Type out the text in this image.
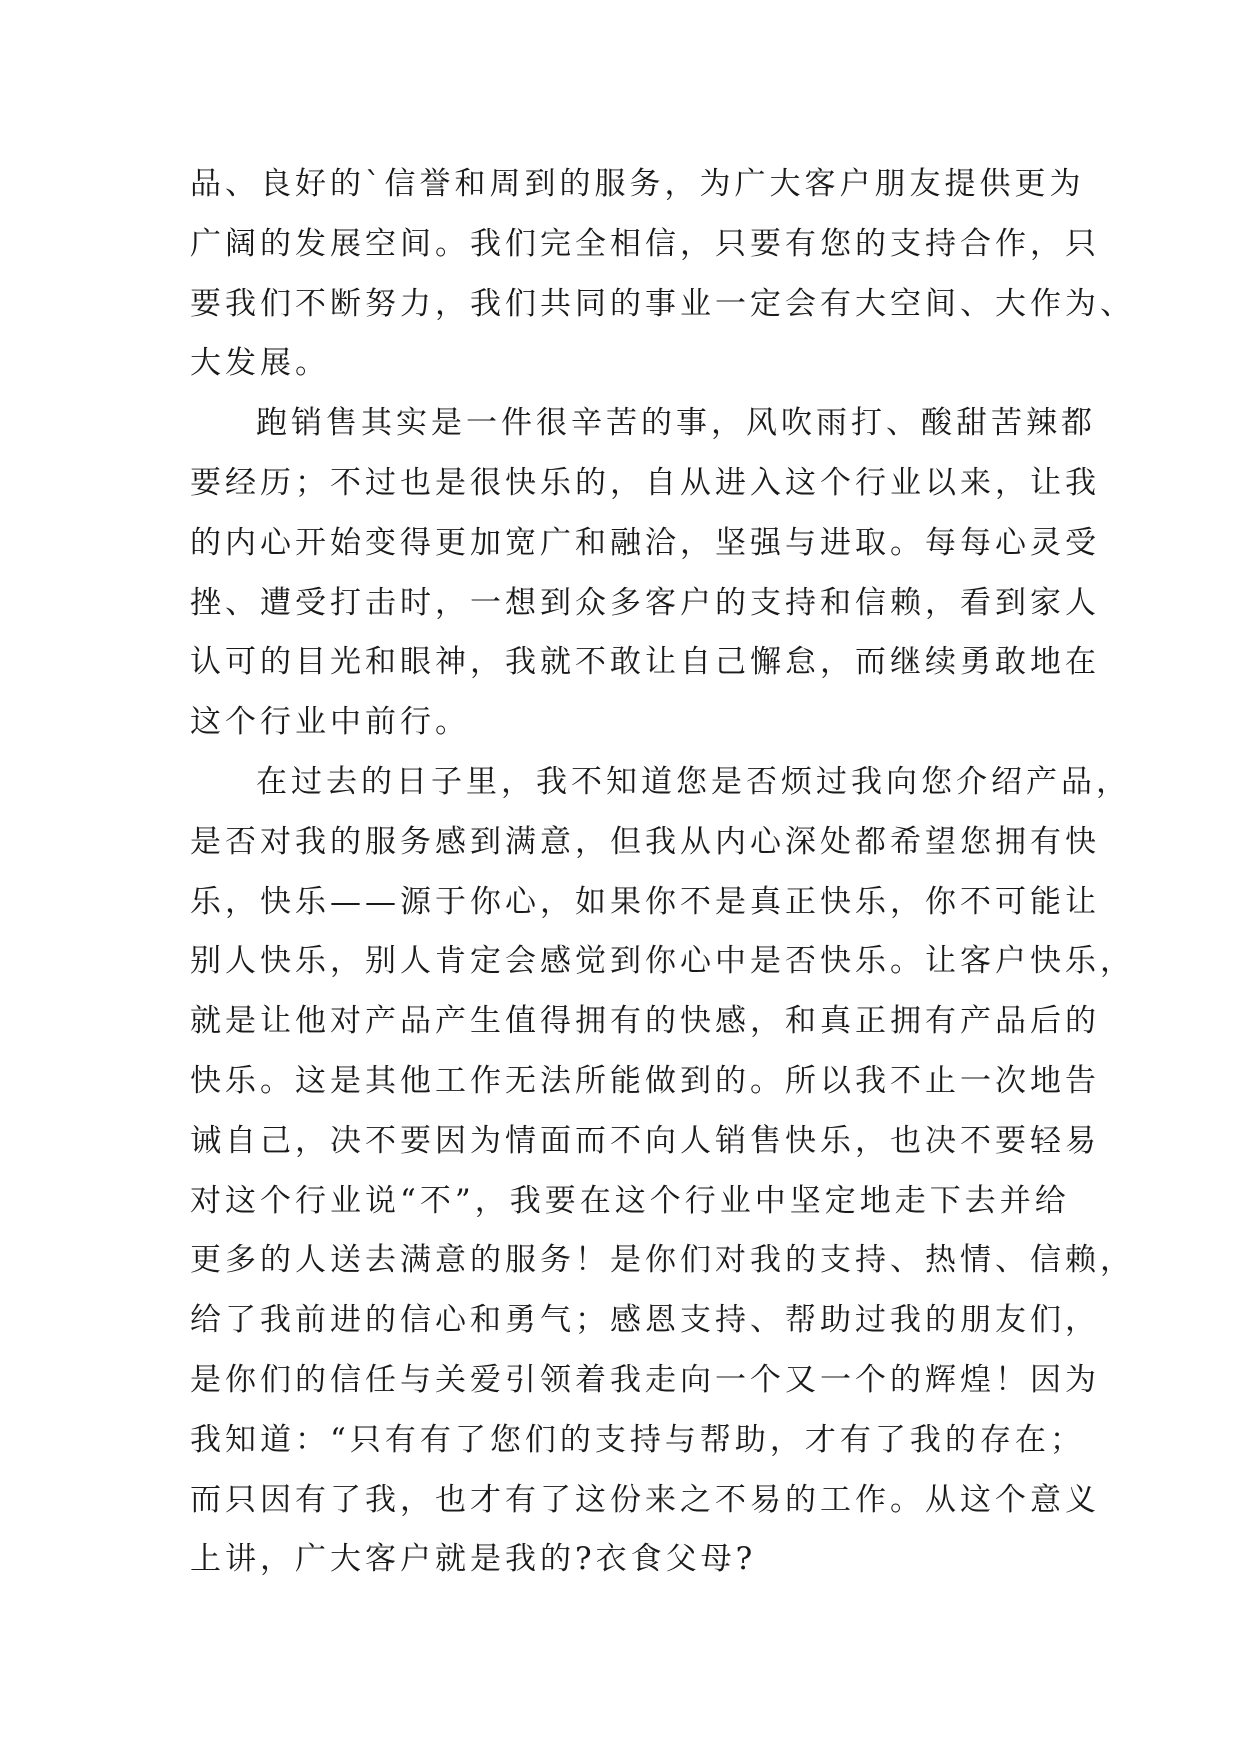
品、良好的`信誉和周到的服务，为广大客户朋友提供更为
广阔的发展空间。我们完全相信，只要有您的支持合作，只
要我们不断努力，我们共同的事业一定会有大空间、大作为、
大发展。
跑销售其实是一件很辛苦的事，风吹雨打、酸甜苦辣都
要经历；不过也是很快乐的，自从进入这个行业以来，让我
的内心开始变得更加宽广和融洽，坚强与进取。每每心灵受
挫、遭受打击时，一想到众多客户的支持和信赖，看到家人
认可的目光和眼神，我就不敢让自己懈怠，而继续勇敢地在
这个行业中前行。
在过去的日子里，我不知道您是否烦过我向您介绍产品，
是否对我的服务感到满意，但我从内心深处都希望您拥有快
乐，快乐——源于你心，如果你不是真正快乐，你不可能让
别人快乐，别人肯定会感觉到你心中是否快乐。让客户快乐，
就是让他对产品产生值得拥有的快感，和真正拥有产品后的
快乐。这是其他工作无法所能做到的。所以我不止一次地告
诫自己，决不要因为情面而不向人销售快乐，也决不要轻易
对这个行业说“不”，我要在这个行业中坚定地走下去并给
更多的人送去满意的服务！是你们对我的支持、热情、信赖，
给了我前进的信心和勇气；感恩支持、帮助过我的朋友们，
是你们的信任与关爱引领着我走向一个又一个的辉煌！因为
我知道：“只有有了您们的支持与帮助，才有了我的存在；
而只因有了我，也才有了这份来之不易的工作。从这个意义
上讲，广大客户就是我的?衣食父母?
